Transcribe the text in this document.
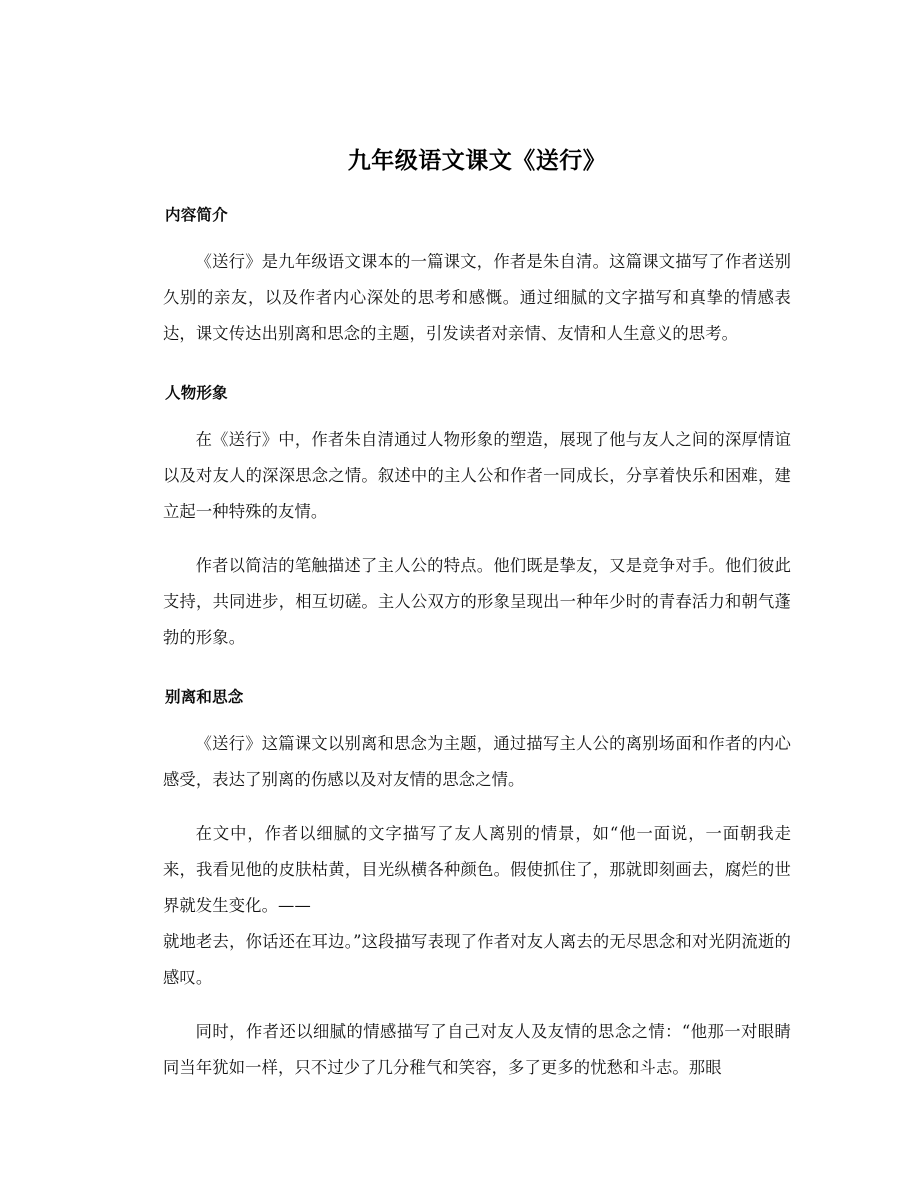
九年级语文课文《送行》
内容简介

《送行》是九年级语文课本的一篇课文，作者是朱自清。这篇课文描写了作者送别久别的亲友，以及作者内心深处的思考和感慨。通过细腻的文字描写和真挚的情感表达，课文传达出别离和思念的主题，引发读者对亲情、友情和人生意义的思考。

人物形象

在《送行》中，作者朱自清通过人物形象的塑造，展现了他与友人之间的深厚情谊以及对友人的深深思念之情。叙述中的主人公和作者一同成长，分享着快乐和困难，建立起一种特殊的友情。

作者以简洁的笔触描述了主人公的特点。他们既是挚友，又是竞争对手。他们彼此支持，共同进步，相互切磋。主人公双方的形象呈现出一种年少时的青春活力和朝气蓬勃的形象。

别离和思念

《送行》这篇课文以别离和思念为主题，通过描写主人公的离别场面和作者的内心感受，表达了别离的伤感以及对友情的思念之情。

在文中，作者以细腻的文字描写了友人离别的情景，如“他一面说，一面朝我走来，我看见他的皮肤枯黄，目光纵横各种颜色。假使抓住了，那就即刻画去，腐烂的世界就发生变化。——
就地老去，你话还在耳边。”这段描写表现了作者对友人离去的无尽思念和对光阴流逝的感叹。

同时，作者还以细腻的情感描写了自己对友人及友情的思念之情：“他那一对眼睛同当年犹如一样，只不过少了几分稚气和笑容，多了更多的忧愁和斗志。那眼
